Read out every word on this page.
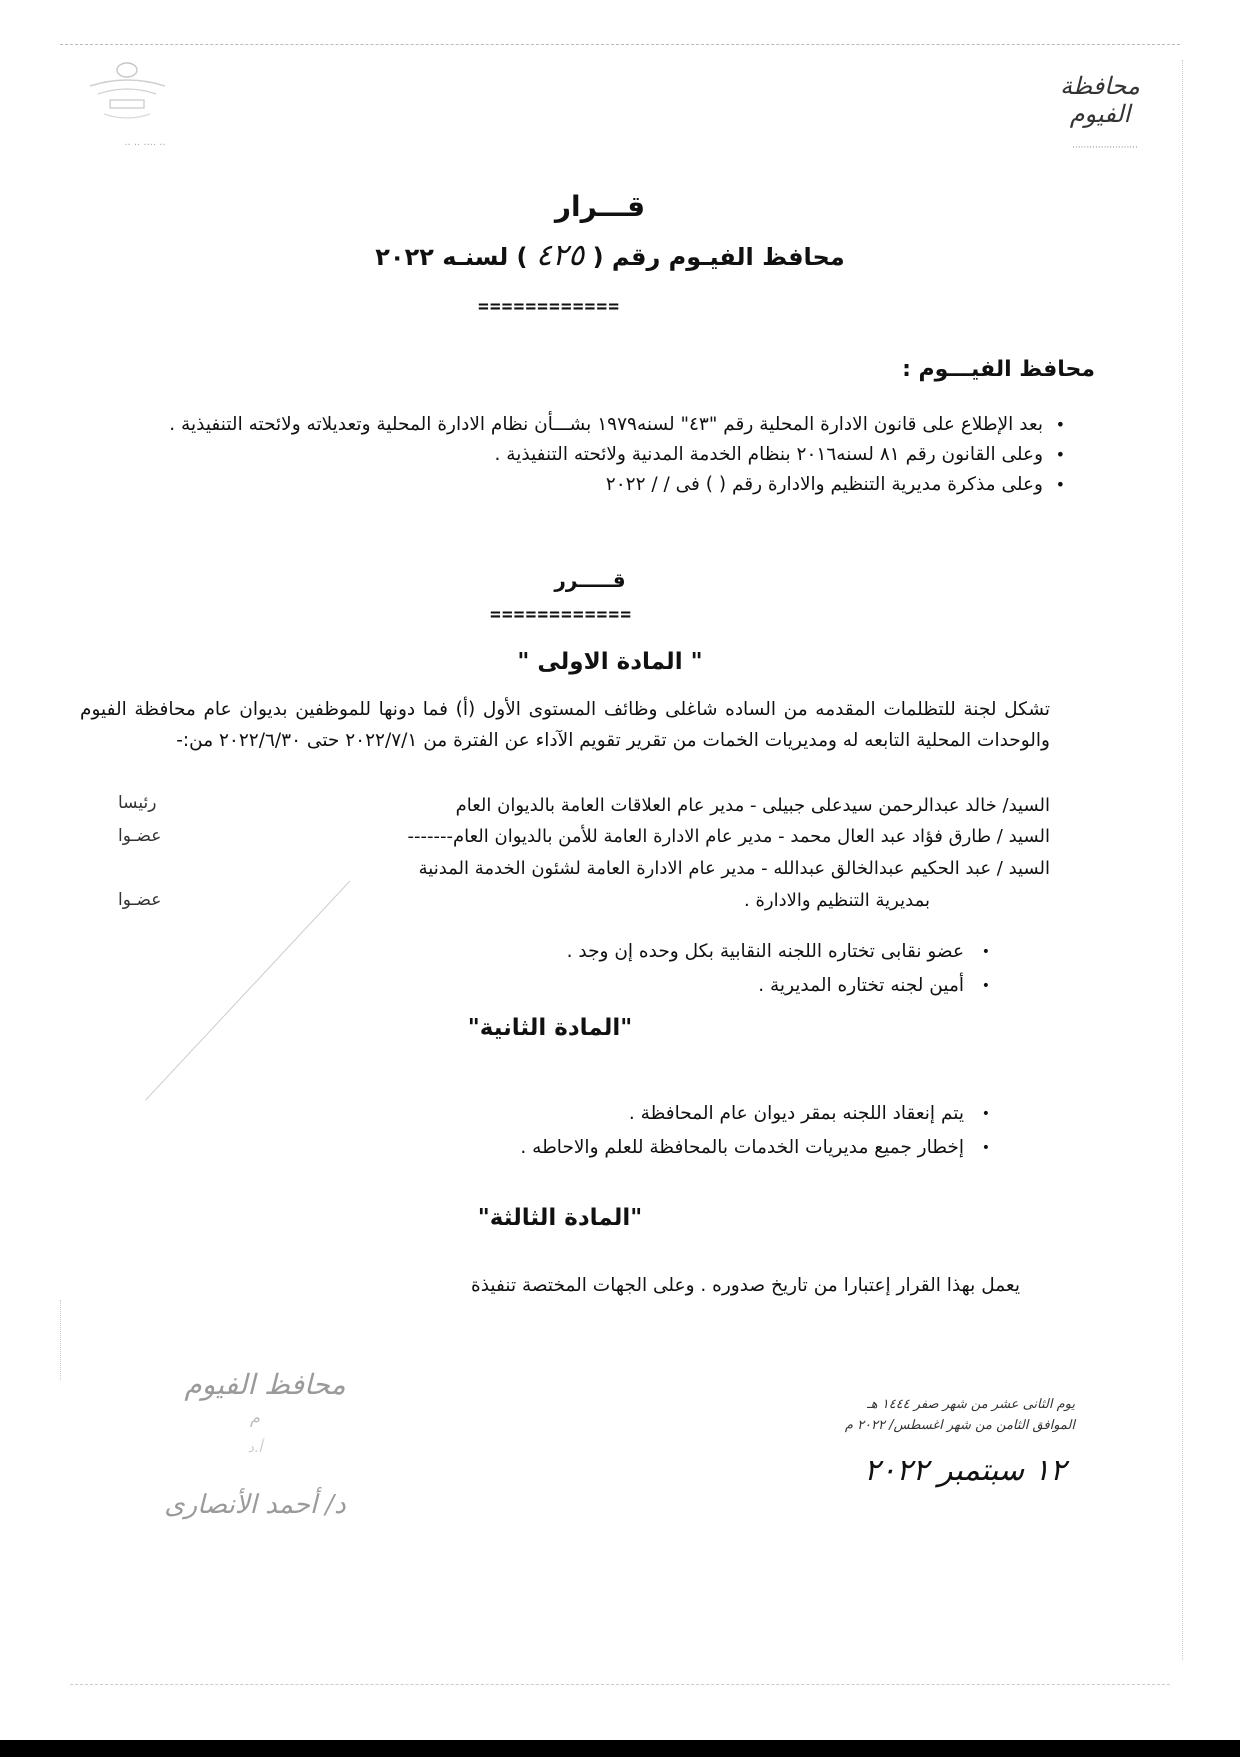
·· ·· ···· ··
محافظة الفيوم
·······················
قـــرار
محافظ الفيـوم رقم ( ٤٢٥ ) لسنـه ٢٠٢٢
============
محافظ الفيـــوم :
• بعد الإطلاع على قانون الادارة المحلية رقم "٤٣" لسنه١٩٧٩ بشـــأن نظام الادارة المحلية وتعديلاته ولائحته التنفيذية .
• وعلى القانون رقم ٨١ لسنه٢٠١٦ بنظام الخدمة المدنية ولائحته التنفيذية .
• وعلى مذكرة مديرية التنظيم والادارة رقم ( ) فى / / ٢٠٢٢
قـــــرر
============
" المادة الاولى "
تشكل لجنة للتظلمات المقدمه من الساده شاغلى وظائف المستوى الأول (أ) فما دونها للموظفين بديوان عام محافظة الفيوم والوحدات المحلية التابعه له ومديريات الخمات من تقرير تقويم الآداء عن الفترة من ٢٠٢٢/٧/١ حتى ٢٠٢٢/٦/٣٠ من:-
السيد/ خالد عبدالرحمن سيدعلى جبيلى - مدير عام العلاقات العامة بالديوان العام
رئيسا
السيد / طارق فؤاد عبد العال محمد - مدير عام الادارة العامة للأمن بالديوان العام-------
عضـوا
السيد / عبد الحكيم عبدالخالق عبدالله - مدير عام الادارة العامة لشئون الخدمة المدنية
بمديرية التنظيم والادارة .
عضـوا
• عضو نقابى تختاره اللجنه النقابية بكل وحده إن وجد .
• أمين لجنه تختاره المديرية .
"المادة الثانية"
• يتم إنعقاد اللجنه بمقر ديوان عام المحافظة .
• إخطار جميع مديريات الخدمات بالمحافظة للعلم والاحاطه .
"المادة الثالثة"
يعمل بهذا القرار إعتبارا من تاريخ صدوره . وعلى الجهات المختصة تنفيذة
يوم الثانى عشر من شهر صفر ١٤٤٤ هـ
الموافق الثامن من شهر اغسطس/ ٢٠٢٢ م
١٢ سبتمبر ٢٠٢٢
محافظ الفيوم
م
أ.د
د/ أحمد الأنصارى
